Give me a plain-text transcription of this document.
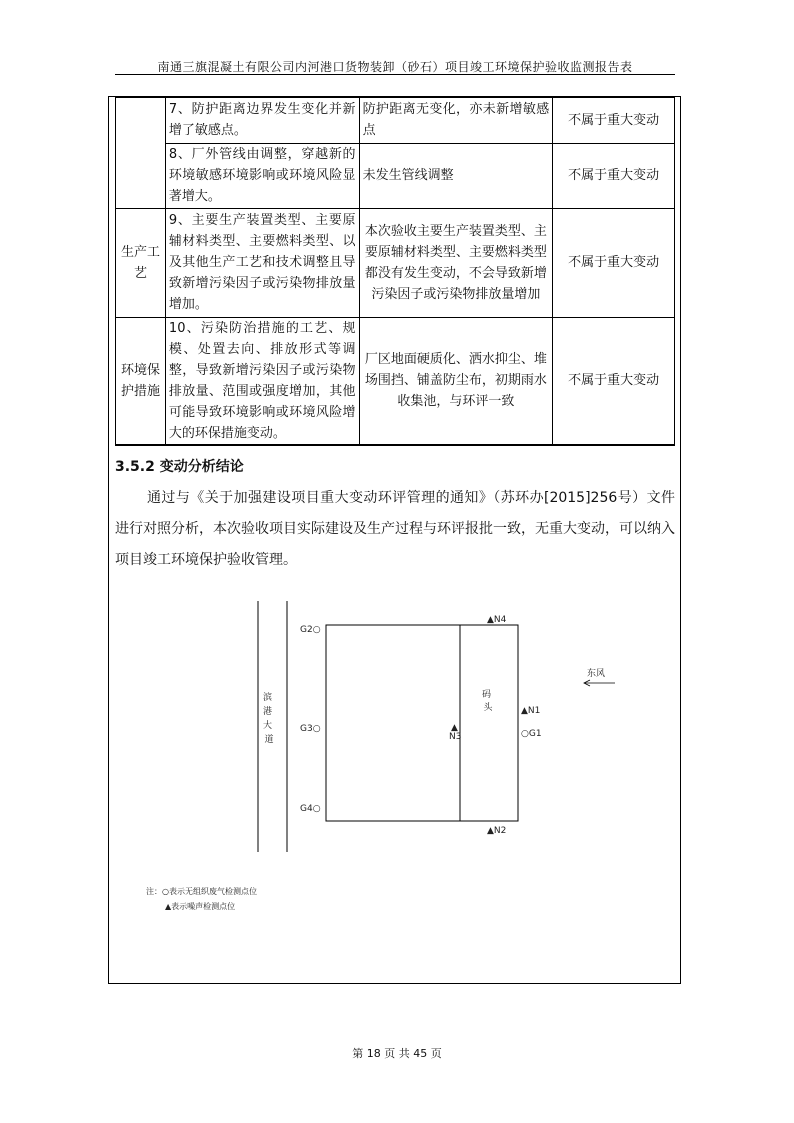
南通三旗混凝土有限公司内河港口货物装卸（砂石）项目竣工环境保护验收监测报告表
	7、防护距离边界发生变化并新增了敏感点。	防护距离无变化，亦未新增敏感点	不属于重大变动
	8、厂外管线由调整，穿越新的环境敏感环境影响或环境风险显著增大。	未发生管线调整	不属于重大变动
生产工艺	9、主要生产装置类型、主要原辅材料类型、主要燃料类型、以及其他生产工艺和技术调整且导致新增污染因子或污染物排放量增加。	本次验收主要生产装置类型、主要原辅材料类型、主要燃料类型都没有发生变动，不会导致新增污染因子或污染物排放量增加	不属于重大变动
环境保护措施	10、污染防治措施的工艺、规模、处置去向、排放形式等调整，导致新增污染因子或污染物排放量、范围或强度增加，其他可能导致环境影响或环境风险增大的环保措施变动。	厂区地面硬质化、洒水抑尘、堆场围挡、铺盖防尘布，初期雨水收集池，与环评一致	不属于重大变动
3.5.2 变动分析结论
通过与《关于加强建设项目重大变动环评管理的通知》（苏环办[2015]256号）文件进行对照分析，本次验收项目实际建设及生产过程与环评报批一致，无重大变动，可以纳入项目竣工环境保护验收管理。
滨 港 大 道
码 头
G2○
G3○
G4○
○G1
▲N4
▲N1
▲N2
▲
N3
东风
注：○表示无组织废气检测点位
▲表示噪声检测点位
第 18 页 共 45 页
